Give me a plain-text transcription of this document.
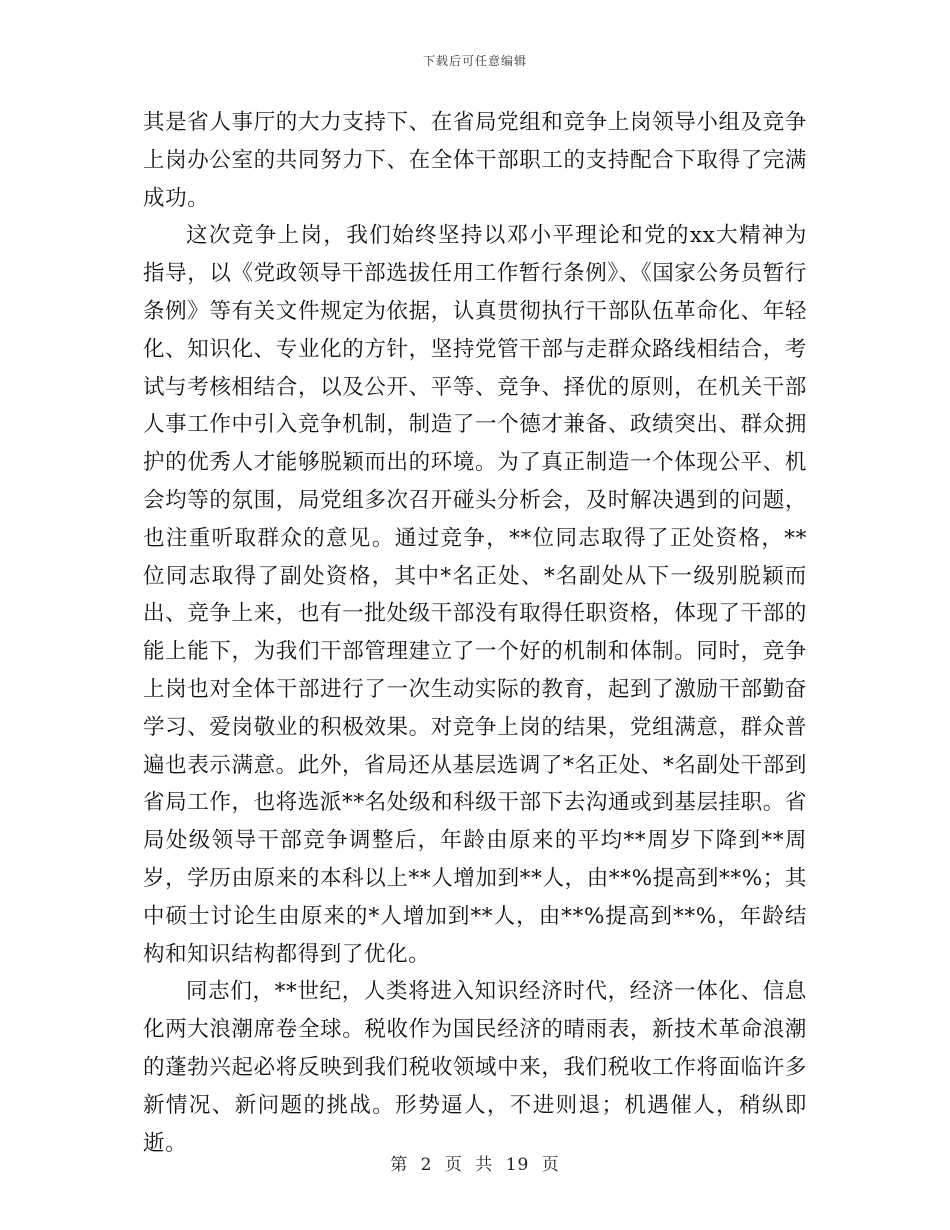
下载后可任意编辑

其是省人事厅的大力支持下、在省局党组和竞争上岗领导小组及竞争上岗办公室的共同努力下、在全体干部职工的支持配合下取得了完满成功。

这次竞争上岗，我们始终坚持以邓小平理论和党的xx大精神为指导，以《党政领导干部选拔任用工作暂行条例》、《国家公务员暂行条例》等有关文件规定为依据，认真贯彻执行干部队伍革命化、年轻化、知识化、专业化的方针，坚持党管干部与走群众路线相结合，考试与考核相结合，以及公开、平等、竞争、择优的原则，在机关干部人事工作中引入竞争机制，制造了一个德才兼备、政绩突出、群众拥护的优秀人才能够脱颖而出的环境。为了真正制造一个体现公平、机会均等的氛围，局党组多次召开碰头分析会，及时解决遇到的问题，也注重听取群众的意见。通过竞争，**位同志取得了正处资格，**位同志取得了副处资格，其中*名正处、*名副处从下一级别脱颖而出、竞争上来，也有一批处级干部没有取得任职资格，体现了干部的能上能下，为我们干部管理建立了一个好的机制和体制。同时，竞争上岗也对全体干部进行了一次生动实际的教育，起到了激励干部勤奋学习、爱岗敬业的积极效果。对竞争上岗的结果，党组满意，群众普遍也表示满意。此外，省局还从基层选调了*名正处、*名副处干部到省局工作，也将选派**名处级和科级干部下去沟通或到基层挂职。省局处级领导干部竞争调整后，年龄由原来的平均**周岁下降到**周岁，学历由原来的本科以上**人增加到**人，由**%提高到**%；其中硕士讨论生由原来的*人增加到**人，由**%提高到**%，年龄结构和知识结构都得到了优化。

同志们，**世纪，人类将进入知识经济时代，经济一体化、信息化两大浪潮席卷全球。税收作为国民经济的晴雨表，新技术革命浪潮的蓬勃兴起必将反映到我们税收领域中来，我们税收工作将面临许多新情况、新问题的挑战。形势逼人，不进则退；机遇催人，稍纵即逝。

第 2 页 共 19 页
